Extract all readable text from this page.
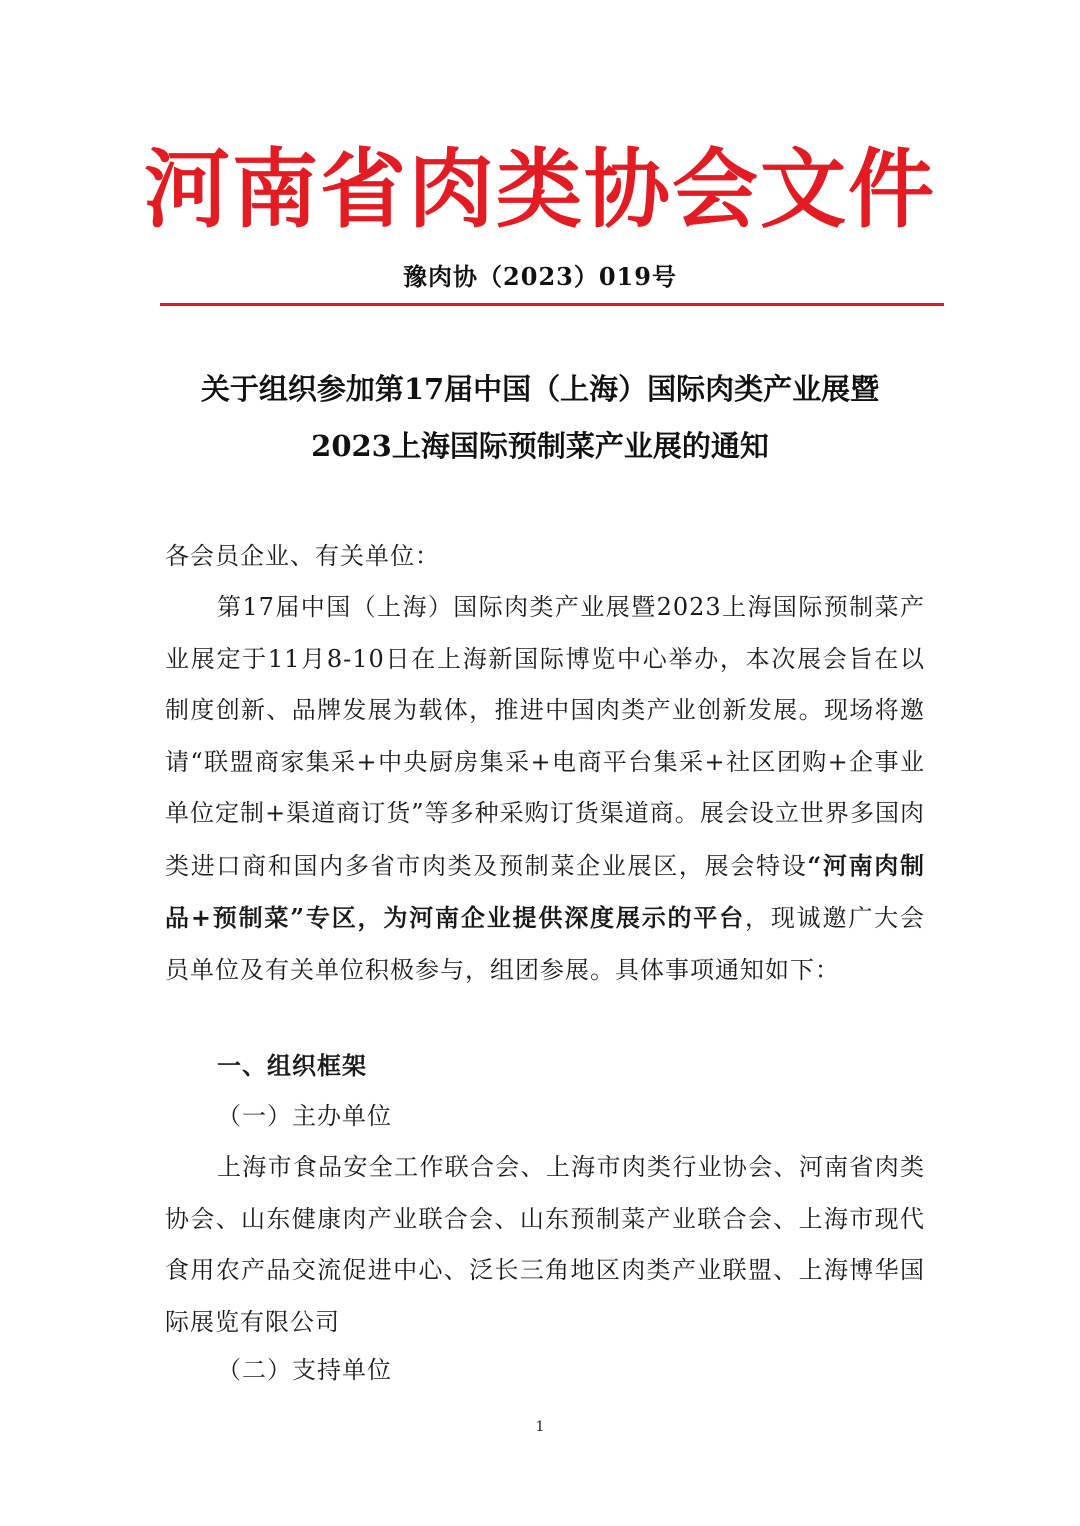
河南省肉类协会文件
豫肉协（2023）019号
关于组织参加第17届中国（上海）国际肉类产业展暨
2023上海国际预制菜产业展的通知
各会员企业、有关单位：
第17届中国（上海）国际肉类产业展暨2023上海国际预制菜产业展定于11月8-10日在上海新国际博览中心举办，本次展会旨在以制度创新、品牌发展为载体，推进中国肉类产业创新发展。现场将邀请“联盟商家集采+中央厨房集采+电商平台集采+社区团购+企事业单位定制+渠道商订货”等多种采购订货渠道商。展会设立世界多国肉类进口商和国内多省市肉类及预制菜企业展区，展会特设“河南肉制品+预制菜”专区，为河南企业提供深度展示的平台，现诚邀广大会员单位及有关单位积极参与，组团参展。具体事项通知如下：
一、组织框架
（一）主办单位
上海市食品安全工作联合会、上海市肉类行业协会、河南省肉类协会、山东健康肉产业联合会、山东预制菜产业联合会、上海市现代食用农产品交流促进中心、泛长三角地区肉类产业联盟、上海博华国际展览有限公司
（二）支持单位
1
